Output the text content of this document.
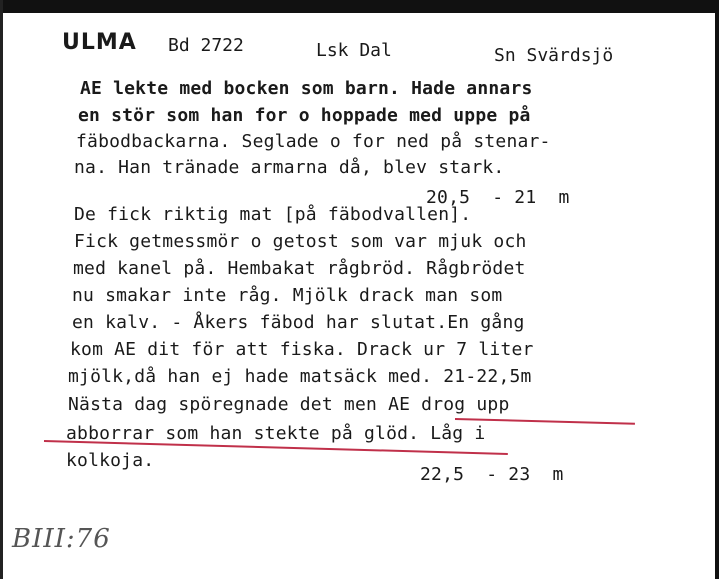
ULMA Bd 2722	Lsk Dal	Sn Svärdsjö
AE lekte med bocken som barn. Hade annars
en stör som han for o hoppade med uppe på
fäbodbackarna. Seglade o for ned på stenar-
na. Han tränade armarna då, blev stark.
20,5  - 21  m
De fick riktig mat [på fäbodvallen].
Fick getmessmör o getost som var mjuk och
med kanel på. Hembakat rågbröd. Rågbrödet
nu smakar inte råg. Mjölk drack man som
en kalv. - Åkers fäbod har slutat.En gång
kom AE dit för att fiska. Drack ur 7 liter
mjölk,då han ej hade matsäck med. 21-22,5m
Nästa dag spöregnade det men AE drog upp
abborrar som han stekte på glöd. Låg i
kolkoja.
22,5  - 23  m
BIII:76
